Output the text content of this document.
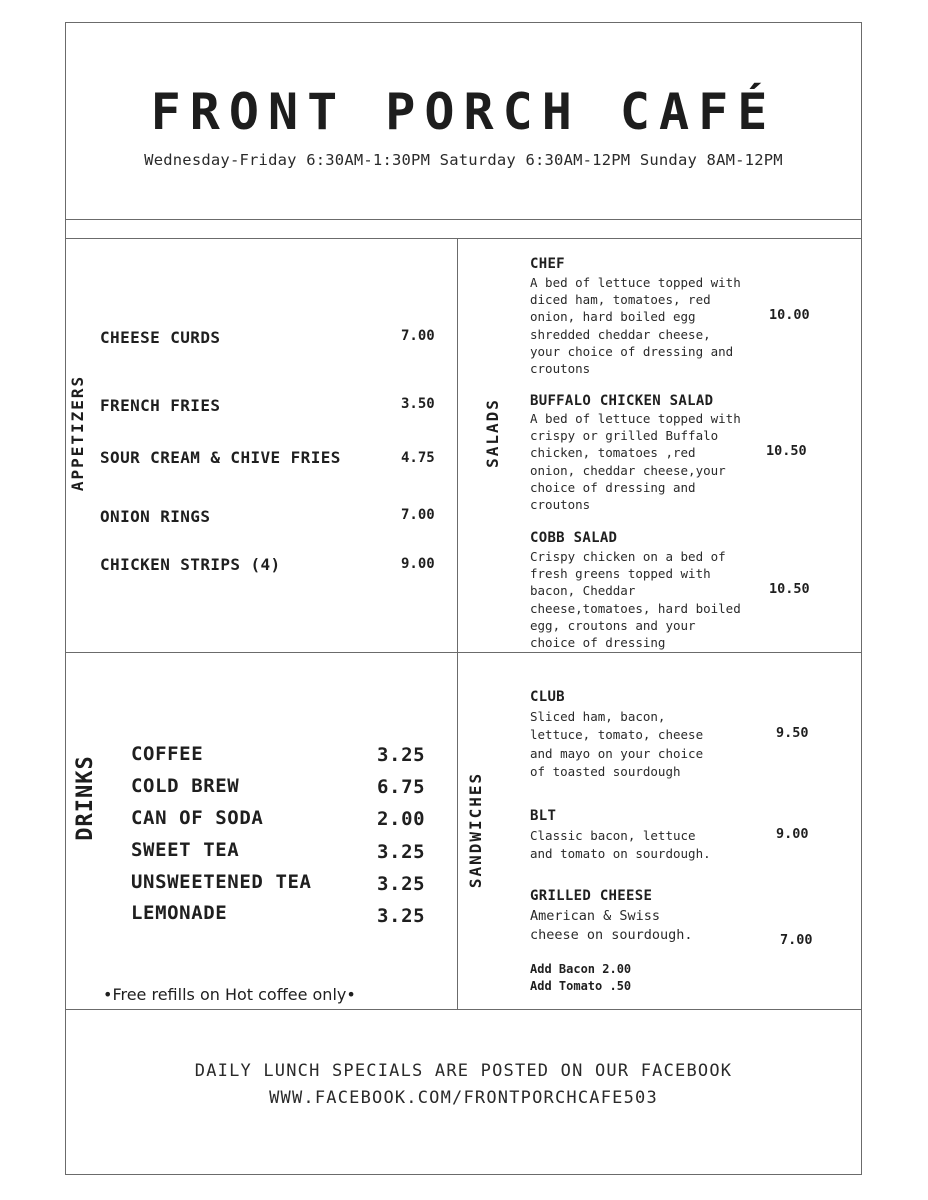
FRONT PORCH CAFÉ
Wednesday-Friday 6:30AM-1:30PM Saturday 6:30AM-12PM Sunday 8AM-12PM
APPETIZERS
CHEESE CURDS	7.00
FRENCH FRIES	3.50
SOUR CREAM & CHIVE FRIES	4.75
ONION RINGS	7.00
CHICKEN STRIPS (4)	9.00
SALADS
CHEF
A bed of lettuce topped with
diced ham, tomatoes, red
onion, hard boiled egg
shredded cheddar cheese,
your choice of dressing and
croutons
10.00
BUFFALO CHICKEN SALAD
A bed of lettuce topped with
crispy or grilled Buffalo
chicken, tomatoes ,red
onion, cheddar cheese,your
choice of dressing and
croutons
10.50
COBB SALAD
Crispy chicken on a bed of
fresh greens topped with
bacon, Cheddar
cheese,tomatoes, hard boiled
egg, croutons and your
choice of dressing
10.50
DRINKS
COFFEE	3.25
COLD BREW	6.75
CAN OF SODA	2.00
SWEET TEA	3.25
UNSWEETENED TEA	3.25
LEMONADE	3.25
•Free refills on Hot coffee only•
SANDWICHES
CLUB
Sliced ham, bacon,
lettuce, tomato, cheese
and mayo on your choice
of toasted sourdough
9.50
BLT
Classic bacon, lettuce
and tomato on sourdough.
9.00
GRILLED CHEESE
American & Swiss
cheese on sourdough.	7.00
Add Bacon 2.00
Add Tomato .50
DAILY LUNCH SPECIALS ARE POSTED ON OUR FACEBOOK
WWW.FACEBOOK.COM/FRONTPORCHCAFE503
